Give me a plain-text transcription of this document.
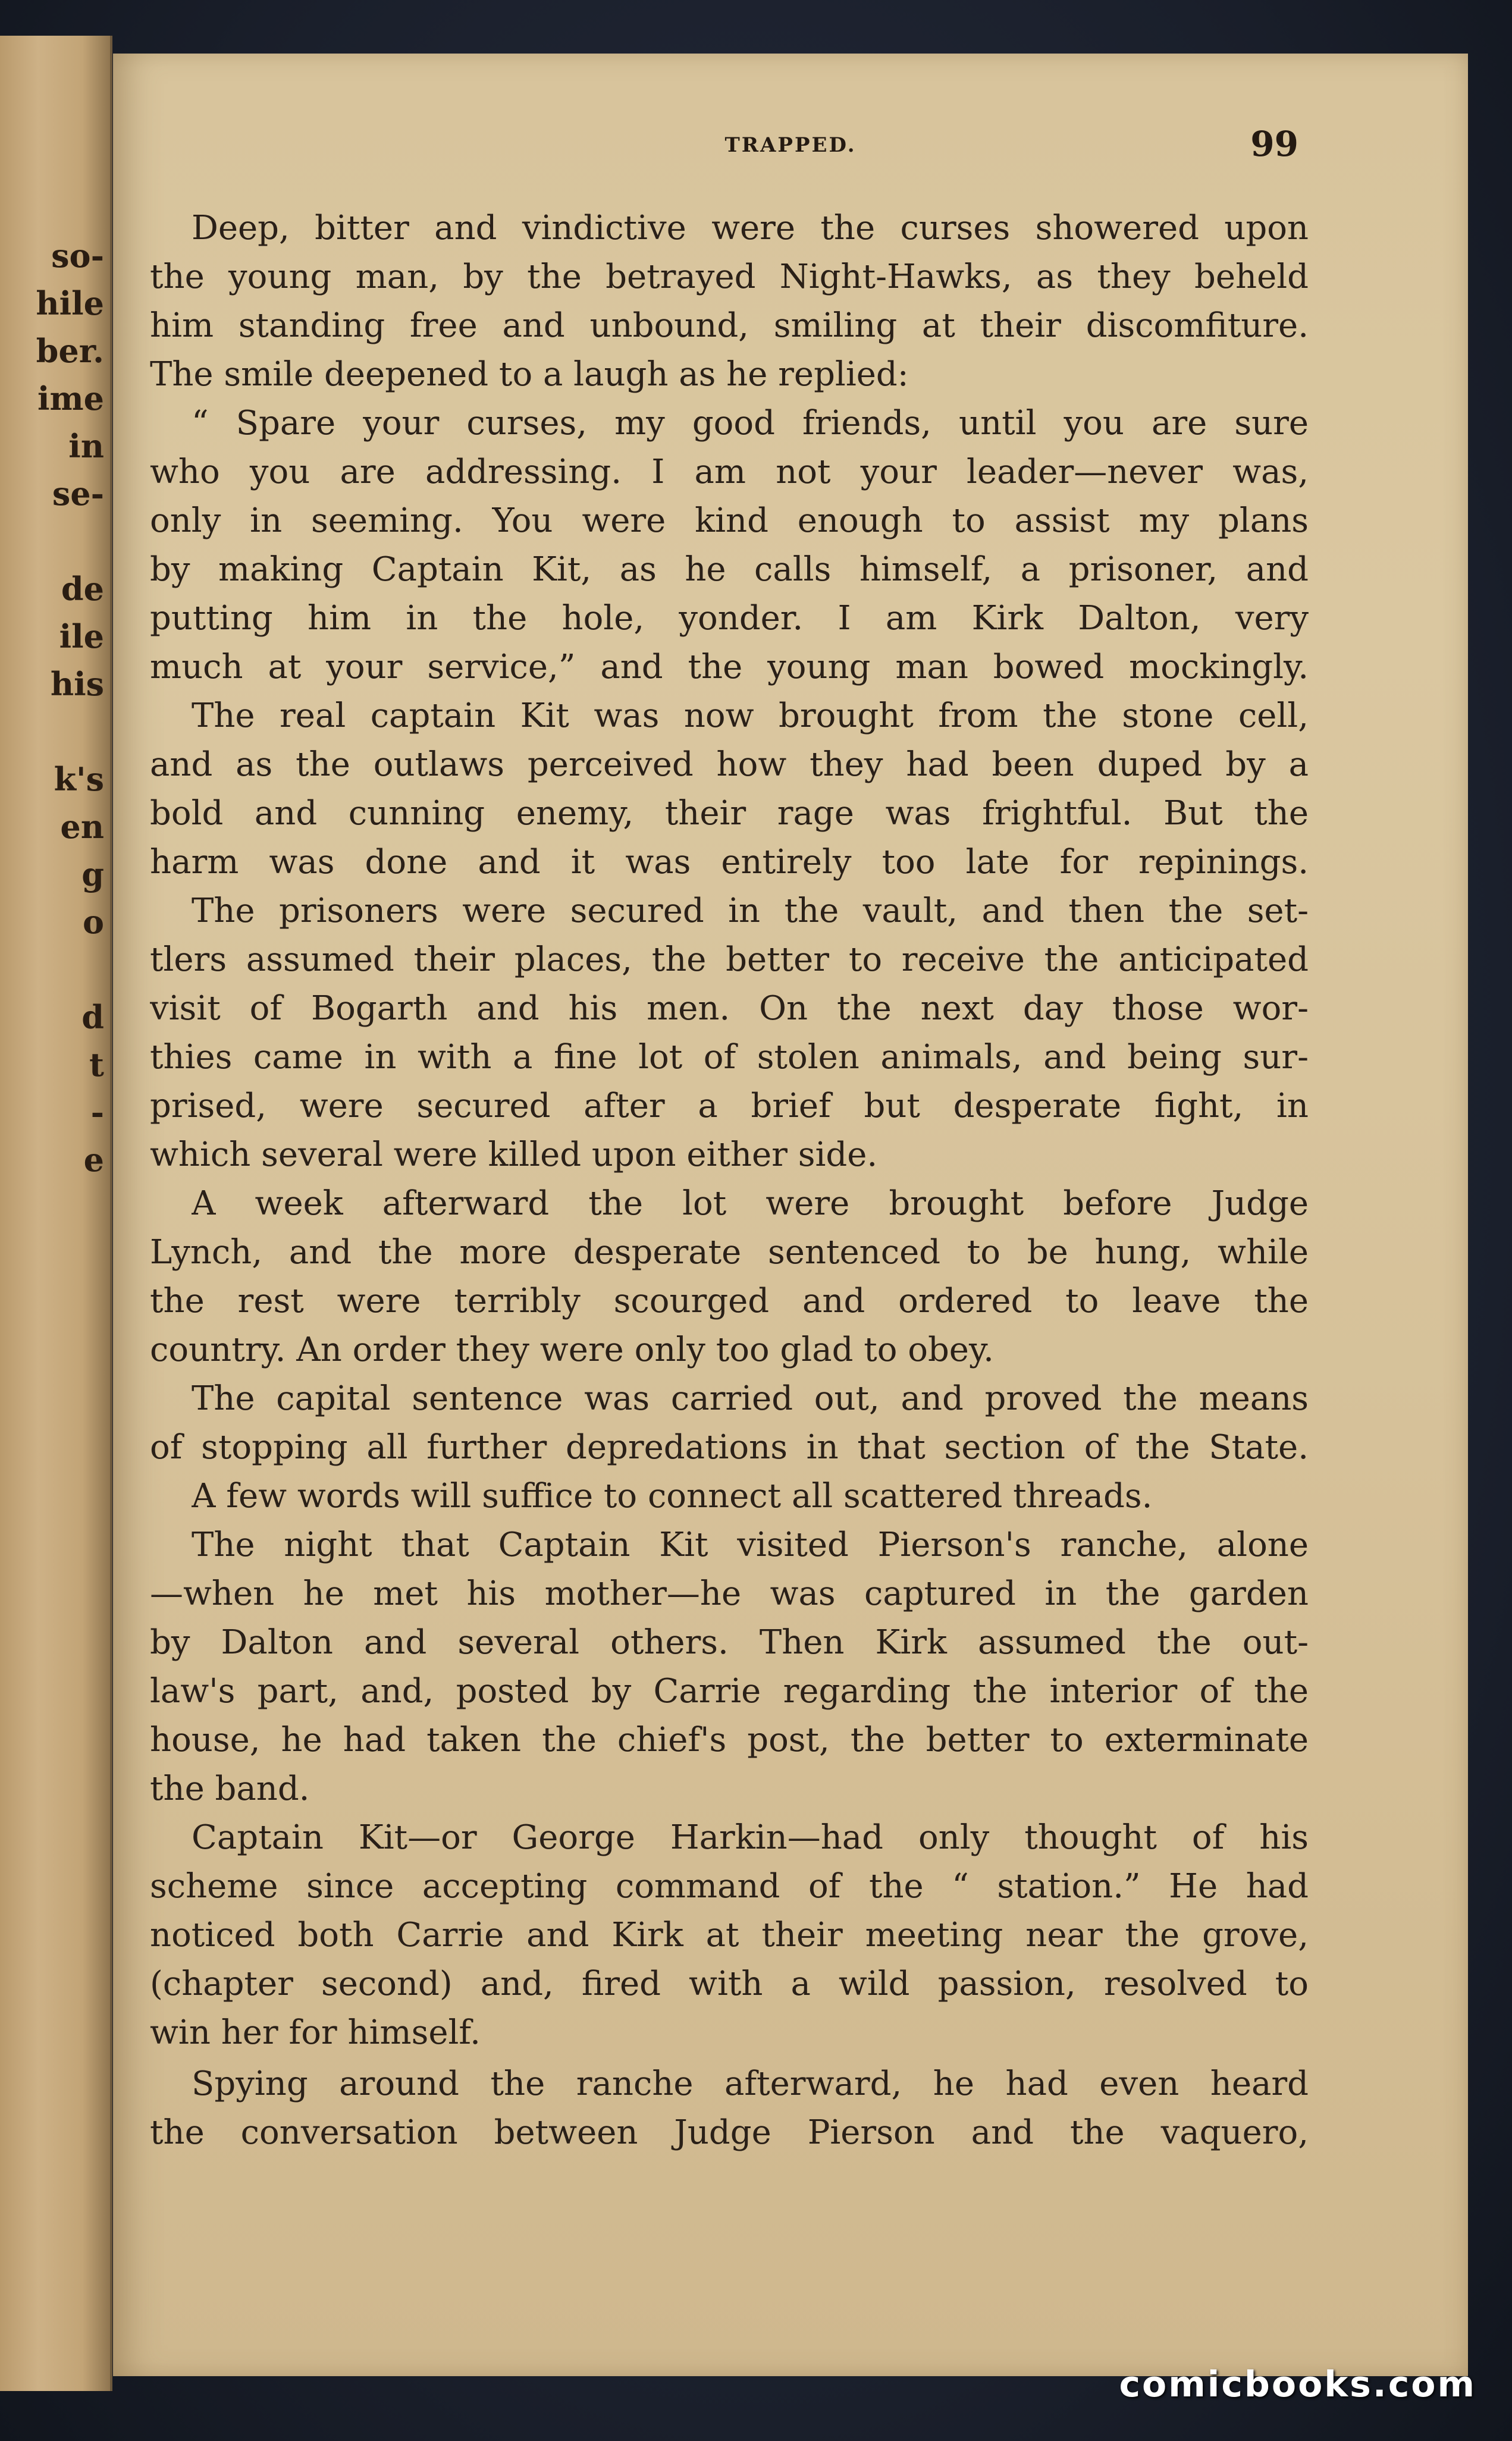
so-
hile
ber.
ime
in
se-
de
ile
his
k's
en
g
o
d
t
-
e
TRAPPED.	99
Deep, bitter and vindictive were the curses showered upon
the young man, by the betrayed Night-Hawks, as they beheld
him standing free and unbound, smiling at their discomfiture.
The smile deepened to a laugh as he replied:
“ Spare your curses, my good friends, until you are sure
who you are addressing. I am not your leader—never was,
only in seeming. You were kind enough to assist my plans
by making Captain Kit, as he calls himself, a prisoner, and
putting him in the hole, yonder. I am Kirk Dalton, very
much at your service,” and the young man bowed mockingly.
The real captain Kit was now brought from the stone cell,
and as the outlaws perceived how they had been duped by a
bold and cunning enemy, their rage was frightful. But the
harm was done and it was entirely too late for repinings.
The prisoners were secured in the vault, and then the set-
tlers assumed their places, the better to receive the anticipated
visit of Bogarth and his men. On the next day those wor-
thies came in with a fine lot of stolen animals, and being sur-
prised, were secured after a brief but desperate fight, in
which several were killed upon either side.
A week afterward the lot were brought before Judge
Lynch, and the more desperate sentenced to be hung, while
the rest were terribly scourged and ordered to leave the
country. An order they were only too glad to obey.
The capital sentence was carried out, and proved the means
of stopping all further depredations in that section of the State.
A few words will suffice to connect all scattered threads.
The night that Captain Kit visited Pierson's ranche, alone
—when he met his mother—he was captured in the garden
by Dalton and several others. Then Kirk assumed the out-
law's part, and, posted by Carrie regarding the interior of the
house, he had taken the chief's post, the better to exterminate
the band.
Captain Kit—or George Harkin—had only thought of his
scheme since accepting command of the “ station.” He had
noticed both Carrie and Kirk at their meeting near the grove,
(chapter second) and, fired with a wild passion, resolved to
win her for himself.
Spying around the ranche afterward, he had even heard
the conversation between Judge Pierson and the vaquero,
comicbooks.com
